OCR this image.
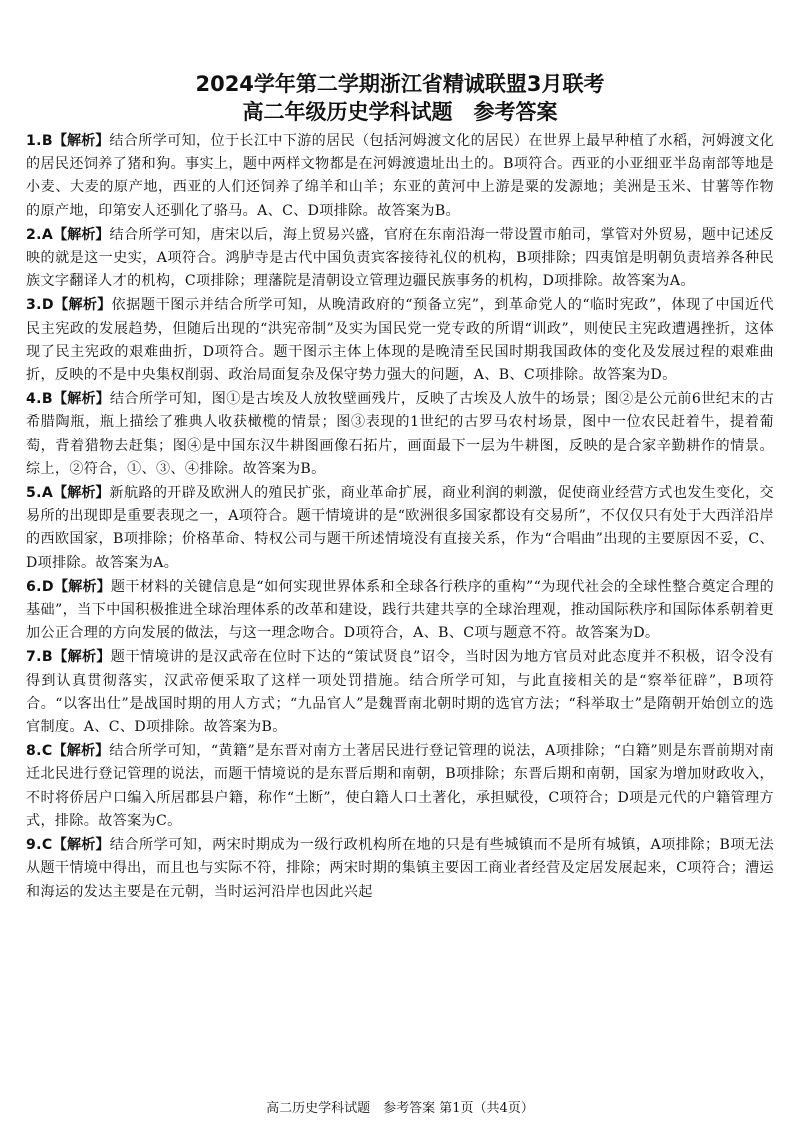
2024学年第二学期浙江省精诚联盟3月联考
高二年级历史学科试题　参考答案

1.B【解析】结合所学可知，位于长江中下游的居民（包括河姆渡文化的居民）在世界上最早种植了水稻，河姆渡文化的居民还饲养了猪和狗。事实上，题中两样文物都是在河姆渡遗址出土的。B项符合。西亚的小亚细亚半岛南部等地是小麦、大麦的原产地，西亚的人们还饲养了绵羊和山羊；东亚的黄河中上游是粟的发源地；美洲是玉米、甘薯等作物的原产地，印第安人还驯化了骆马。A、C、D项排除。故答案为B。

2.A【解析】结合所学可知，唐宋以后，海上贸易兴盛，官府在东南沿海一带设置市舶司，掌管对外贸易，题中记述反映的就是这一史实，A项符合。鸿胪寺是古代中国负责宾客接待礼仪的机构，B项排除；四夷馆是明朝负责培养各种民族文字翻译人才的机构，C项排除；理藩院是清朝设立管理边疆民族事务的机构，D项排除。故答案为A。

3.D【解析】依据题干图示并结合所学可知，从晚清政府的“预备立宪”，到革命党人的“临时宪政”，体现了中国近代民主宪政的发展趋势，但随后出现的“洪宪帝制”及实为国民党一党专政的所谓“训政”，则使民主宪政遭遇挫折，这体现了民主宪政的艰难曲折，D项符合。题干图示主体上体现的是晚清至民国时期我国政体的变化及发展过程的艰难曲折，反映的不是中央集权削弱、政治局面复杂及保守势力强大的问题，A、B、C项排除。故答案为D。

4.B【解析】结合所学可知，图①是古埃及人放牧壁画残片，反映了古埃及人放牛的场景；图②是公元前6世纪末的古希腊陶瓶，瓶上描绘了雅典人收获橄榄的情景；图③表现的1世纪的古罗马农村场景，图中一位农民赶着牛，提着葡萄，背着猎物去赶集；图④是中国东汉牛耕图画像石拓片，画面最下一层为牛耕图，反映的是合家辛勤耕作的情景。综上，②符合，①、③、④排除。故答案为B。

5.A【解析】新航路的开辟及欧洲人的殖民扩张，商业革命扩展，商业利润的刺激，促使商业经营方式也发生变化，交易所的出现即是重要表现之一，A项符合。题干情境讲的是“欧洲很多国家都设有交易所”，不仅仅只有处于大西洋沿岸的西欧国家，B项排除；价格革命、特权公司与题干所述情境没有直接关系，作为“合唱曲”出现的主要原因不妥，C、D项排除。故答案为A。

6.D【解析】题干材料的关键信息是“如何实现世界体系和全球各行秩序的重构”“为现代社会的全球性整合奠定合理的基础”，当下中国积极推进全球治理体系的改革和建设，践行共建共享的全球治理观，推动国际秩序和国际体系朝着更加公正合理的方向发展的做法，与这一理念吻合。D项符合，A、B、C项与题意不符。故答案为D。

7.B【解析】题干情境讲的是汉武帝在位时下达的“策试贤良”诏令，当时因为地方官员对此态度并不积极，诏令没有得到认真贯彻落实，汉武帝便采取了这样一项处罚措施。结合所学可知，与此直接相关的是“察举征辟”，B项符合。“以客出仕”是战国时期的用人方式；“九品官人”是魏晋南北朝时期的选官方法；“科举取士”是隋朝开始创立的选官制度。A、C、D项排除。故答案为B。

8.C【解析】结合所学可知，“黄籍”是东晋对南方土著居民进行登记管理的说法，A项排除；“白籍”则是东晋前期对南迁北民进行登记管理的说法，而题干情境说的是东晋后期和南朝，B项排除；东晋后期和南朝，国家为增加财政收入，不时将侨居户口编入所居郡县户籍，称作“土断”，使白籍人口土著化，承担赋役，C项符合；D项是元代的户籍管理方式，排除。故答案为C。

9.C【解析】结合所学可知，两宋时期成为一级行政机构所在地的只是有些城镇而不是所有城镇，A项排除；B项无法从题干情境中得出，而且也与实际不符，排除；两宋时期的集镇主要因工商业者经营及定居发展起来，C项符合；漕运和海运的发达主要是在元朝，当时运河沿岸也因此兴起

高二历史学科试题　参考答案 第1页（共4页）
